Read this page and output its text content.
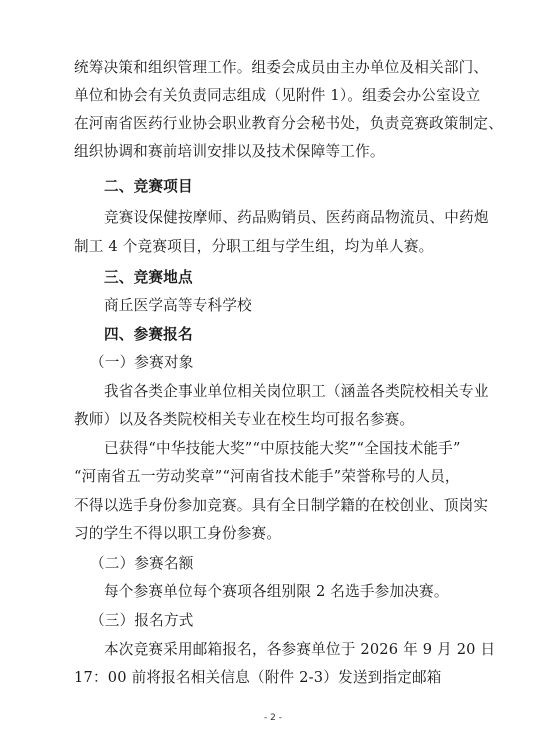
统筹决策和组织管理工作。组委会成员由主办单位及相关部门、
单位和协会有关负责同志组成（见附件 1）。组委会办公室设立
在河南省医药行业协会职业教育分会秘书处，负责竞赛政策制定、
组织协调和赛前培训安排以及技术保障等工作。
二、竞赛项目
竞赛设保健按摩师、药品购销员、医药商品物流员、中药炮
制工 4 个竞赛项目，分职工组与学生组，均为单人赛。
三、竞赛地点
商丘医学高等专科学校
四、参赛报名
（一）参赛对象
我省各类企事业单位相关岗位职工（涵盖各类院校相关专业
教师）以及各类院校相关专业在校生均可报名参赛。
已获得“中华技能大奖”“中原技能大奖”“全国技术能手”
“河南省五一劳动奖章”“河南省技术能手”荣誉称号的人员，
不得以选手身份参加竞赛。具有全日制学籍的在校创业、顶岗实
习的学生不得以职工身份参赛。
（二）参赛名额
每个参赛单位每个赛项各组别限 2 名选手参加决赛。
（三）报名方式
本次竞赛采用邮箱报名，各参赛单位于 2026 年 9 月 20 日
17：00 前将报名相关信息（附件 2-3）发送到指定邮箱
- 2 -
